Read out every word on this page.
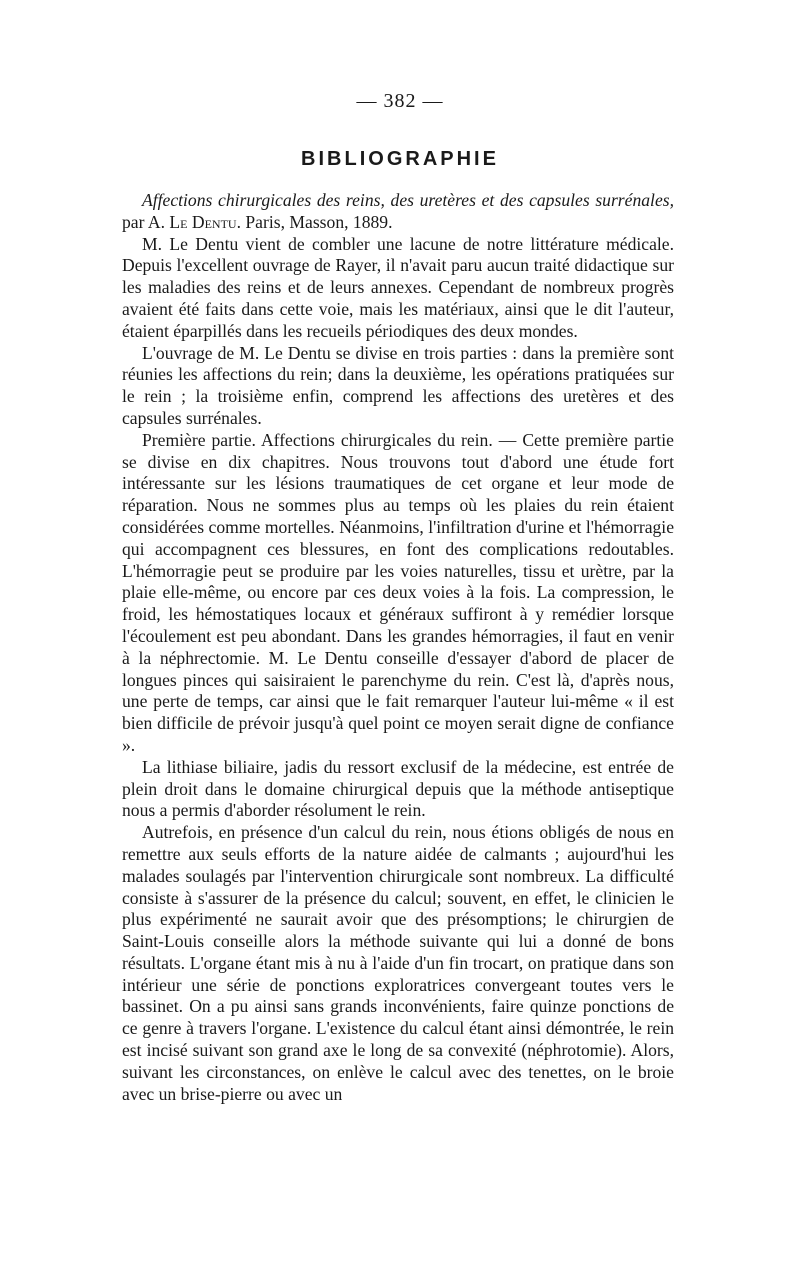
— 382 —
BIBLIOGRAPHIE

Affections chirurgicales des reins, des uretères et des capsules surrénales, par A. Le Dentu. Paris, Masson, 1889.

M. Le Dentu vient de combler une lacune de notre littérature médicale. Depuis l'excellent ouvrage de Rayer, il n'avait paru aucun traité didactique sur les maladies des reins et de leurs annexes. Cependant de nombreux progrès avaient été faits dans cette voie, mais les matériaux, ainsi que le dit l'auteur, étaient éparpillés dans les recueils périodiques des deux mondes.

L'ouvrage de M. Le Dentu se divise en trois parties : dans la première sont réunies les affections du rein; dans la deuxième, les opérations pratiquées sur le rein ; la troisième enfin, comprend les affections des uretères et des capsules surrénales.

Première partie. Affections chirurgicales du rein. — Cette première partie se divise en dix chapitres. Nous trouvons tout d'abord une étude fort intéressante sur les lésions traumatiques de cet organe et leur mode de réparation. Nous ne sommes plus au temps où les plaies du rein étaient considérées comme mortelles. Néanmoins, l'infiltration d'urine et l'hémorragie qui accompagnent ces blessures, en font des complications redoutables. L'hémorragie peut se produire par les voies naturelles, tissu et urètre, par la plaie elle-même, ou encore par ces deux voies à la fois. La compression, le froid, les hémostatiques locaux et généraux suffiront à y remédier lorsque l'écoulement est peu abondant. Dans les grandes hémorragies, il faut en venir à la néphrectomie. M. Le Dentu conseille d'essayer d'abord de placer de longues pinces qui saisiraient le parenchyme du rein. C'est là, d'après nous, une perte de temps, car ainsi que le fait remarquer l'auteur lui-même « il est bien difficile de prévoir jusqu'à quel point ce moyen serait digne de confiance ».

La lithiase biliaire, jadis du ressort exclusif de la médecine, est entrée de plein droit dans le domaine chirurgical depuis que la méthode antiseptique nous a permis d'aborder résolument le rein.

Autrefois, en présence d'un calcul du rein, nous étions obligés de nous en remettre aux seuls efforts de la nature aidée de calmants ; aujourd'hui les malades soulagés par l'intervention chirurgicale sont nombreux. La difficulté consiste à s'assurer de la présence du calcul; souvent, en effet, le clinicien le plus expérimenté ne saurait avoir que des présomptions; le chirurgien de Saint-Louis conseille alors la méthode suivante qui lui a donné de bons résultats. L'organe étant mis à nu à l'aide d'un fin trocart, on pratique dans son intérieur une série de ponctions exploratrices convergeant toutes vers le bassinet. On a pu ainsi sans grands inconvénients, faire quinze ponctions de ce genre à travers l'organe. L'existence du calcul étant ainsi démontrée, le rein est incisé suivant son grand axe le long de sa convexité (néphrotomie). Alors, suivant les circonstances, on enlève le calcul avec des tenettes, on le broie avec un brise-pierre ou avec un
